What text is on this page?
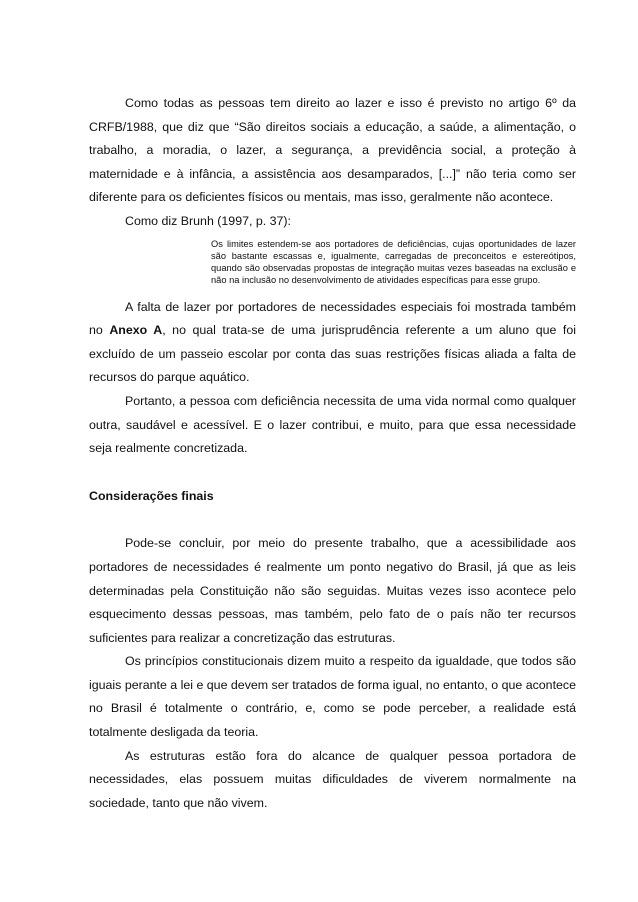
Como todas as pessoas tem direito ao lazer e isso é previsto no artigo 6º da CRFB/1988, que diz que “São direitos sociais a educação, a saúde, a alimentação, o trabalho, a moradia, o lazer, a segurança, a previdência social, a proteção à maternidade e à infância, a assistência aos desamparados, [...]” não teria como ser diferente para os deficientes físicos ou mentais, mas isso, geralmente não acontece.

Como diz Brunh (1997, p. 37):

Os limites estendem-se aos portadores de deficiências, cujas oportunidades de lazer são bastante escassas e, igualmente, carregadas de preconceitos e estereótipos, quando são observadas propostas de integração muitas vezes baseadas na exclusão e não na inclusão no desenvolvimento de atividades específicas para esse grupo.

A falta de lazer por portadores de necessidades especiais foi mostrada também no Anexo A, no qual trata-se de uma jurisprudência referente a um aluno que foi excluído de um passeio escolar por conta das suas restrições físicas aliada a falta de recursos do parque aquático.

Portanto, a pessoa com deficiência necessita de uma vida normal como qualquer outra, saudável e acessível. E o lazer contribui, e muito, para que essa necessidade seja realmente concretizada.

Considerações finais

Pode-se concluir, por meio do presente trabalho, que a acessibilidade aos portadores de necessidades é realmente um ponto negativo do Brasil, já que as leis determinadas pela Constituição não são seguidas. Muitas vezes isso acontece pelo esquecimento dessas pessoas, mas também, pelo fato de o país não ter recursos suficientes para realizar a concretização das estruturas.

Os princípios constitucionais dizem muito a respeito da igualdade, que todos são iguais perante a lei e que devem ser tratados de forma igual, no entanto, o que acontece no Brasil é totalmente o contrário, e, como se pode perceber, a realidade está totalmente desligada da teoria.

As estruturas estão fora do alcance de qualquer pessoa portadora de necessidades, elas possuem muitas dificuldades de viverem normalmente na sociedade, tanto que não vivem.
